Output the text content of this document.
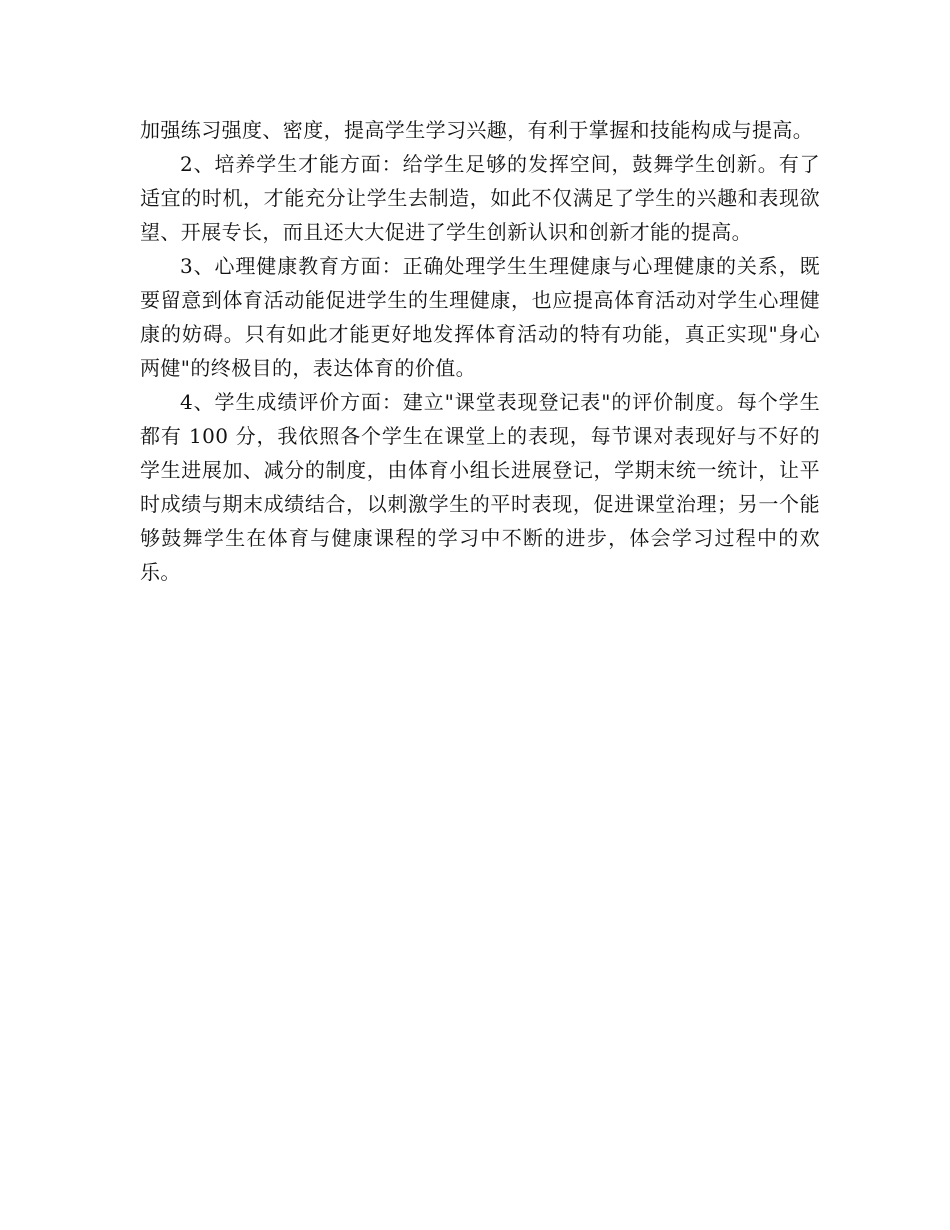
加强练习强度、密度，提高学生学习兴趣，有利于掌握和技能构成与提高。

2、培养学生才能方面：给学生足够的发挥空间，鼓舞学生创新。有了适宜的时机，才能充分让学生去制造，如此不仅满足了学生的兴趣和表现欲望、开展专长，而且还大大促进了学生创新认识和创新才能的提高。

3、心理健康教育方面：正确处理学生生理健康与心理健康的关系，既要留意到体育活动能促进学生的生理健康，也应提高体育活动对学生心理健康的妨碍。只有如此才能更好地发挥体育活动的特有功能，真正实现"身心两健"的终极目的，表达体育的价值。

4、学生成绩评价方面：建立"课堂表现登记表"的评价制度。每个学生都有 100 分，我依照各个学生在课堂上的表现，每节课对表现好与不好的学生进展加、减分的制度，由体育小组长进展登记，学期末统一统计，让平时成绩与期末成绩结合，以刺激学生的平时表现，促进课堂治理；另一个能够鼓舞学生在体育与健康课程的学习中不断的进步，体会学习过程中的欢乐。
